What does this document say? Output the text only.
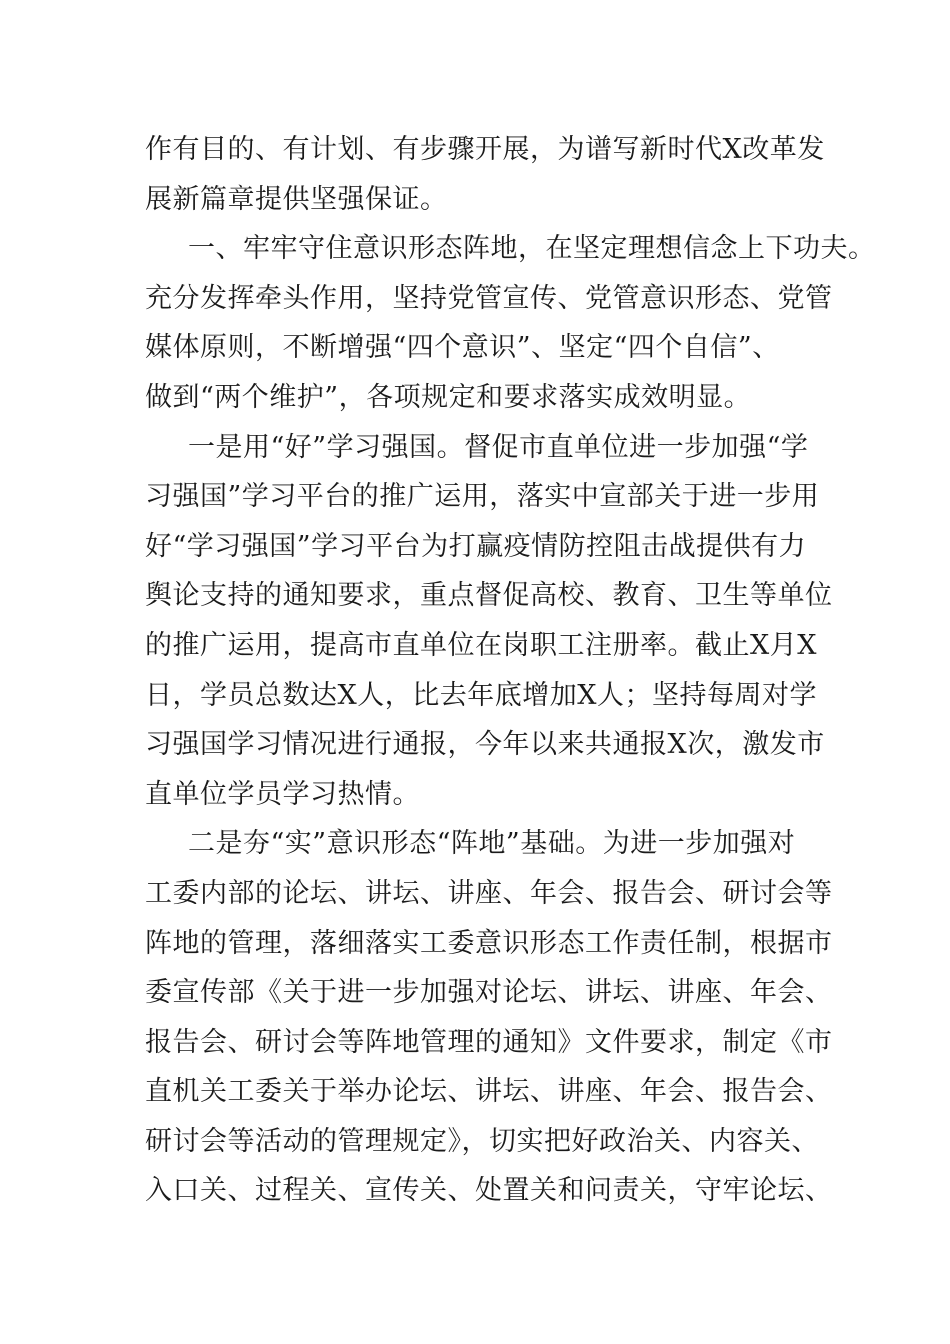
作有目的、有计划、有步骤开展，为谱写新时代X改革发
展新篇章提供坚强保证。
一、牢牢守住意识形态阵地，在坚定理想信念上下功夫。
充分发挥牵头作用，坚持党管宣传、党管意识形态、党管
媒体原则，不断增强“四个意识”、坚定“四个自信”、
做到“两个维护”，各项规定和要求落实成效明显。
一是用“好”学习强国。督促市直单位进一步加强“学
习强国”学习平台的推广运用，落实中宣部关于进一步用
好“学习强国”学习平台为打赢疫情防控阻击战提供有力
舆论支持的通知要求，重点督促高校、教育、卫生等单位
的推广运用，提高市直单位在岗职工注册率。截止X月X
日，学员总数达X人，比去年底增加X人；坚持每周对学
习强国学习情况进行通报，今年以来共通报X次，激发市
直单位学员学习热情。
二是夯“实”意识形态“阵地”基础。为进一步加强对
工委内部的论坛、讲坛、讲座、年会、报告会、研讨会等
阵地的管理，落细落实工委意识形态工作责任制，根据市
委宣传部《关于进一步加强对论坛、讲坛、讲座、年会、
报告会、研讨会等阵地管理的通知》文件要求，制定《市
直机关工委关于举办论坛、讲坛、讲座、年会、报告会、
研讨会等活动的管理规定》，切实把好政治关、内容关、
入口关、过程关、宣传关、处置关和问责关，守牢论坛、
